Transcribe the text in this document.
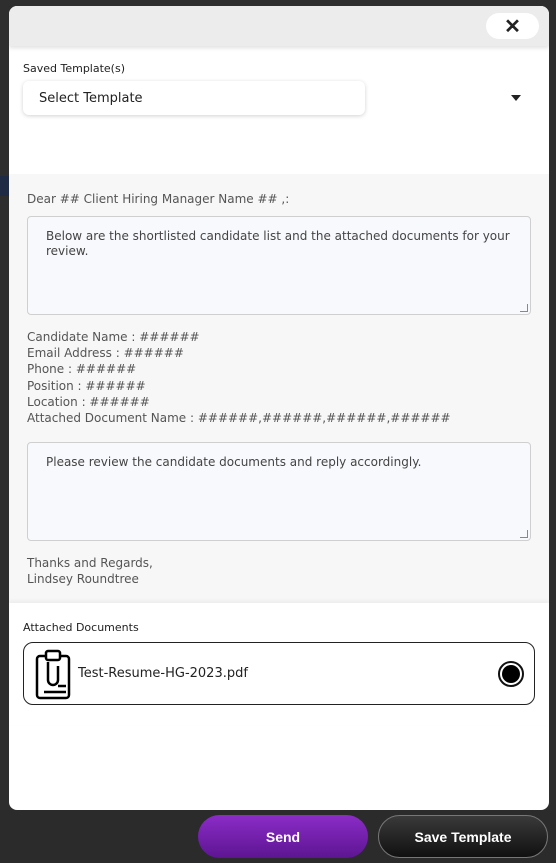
✕
Saved Template(s)
Select Template
Dear ## Client Hiring Manager Name ## ,:
Below are the shortlisted candidate list and the attached documents for your review.
Candidate Name : ######
Email Address : ######
Phone : ######
Position : ######
Location : ######
Attached Document Name : ######,######,######,######
Please review the candidate documents and reply accordingly.
Thanks and Regards,
Lindsey Roundtree
Attached Documents
Test-Resume-HG-2023.pdf
Send	Save Template
